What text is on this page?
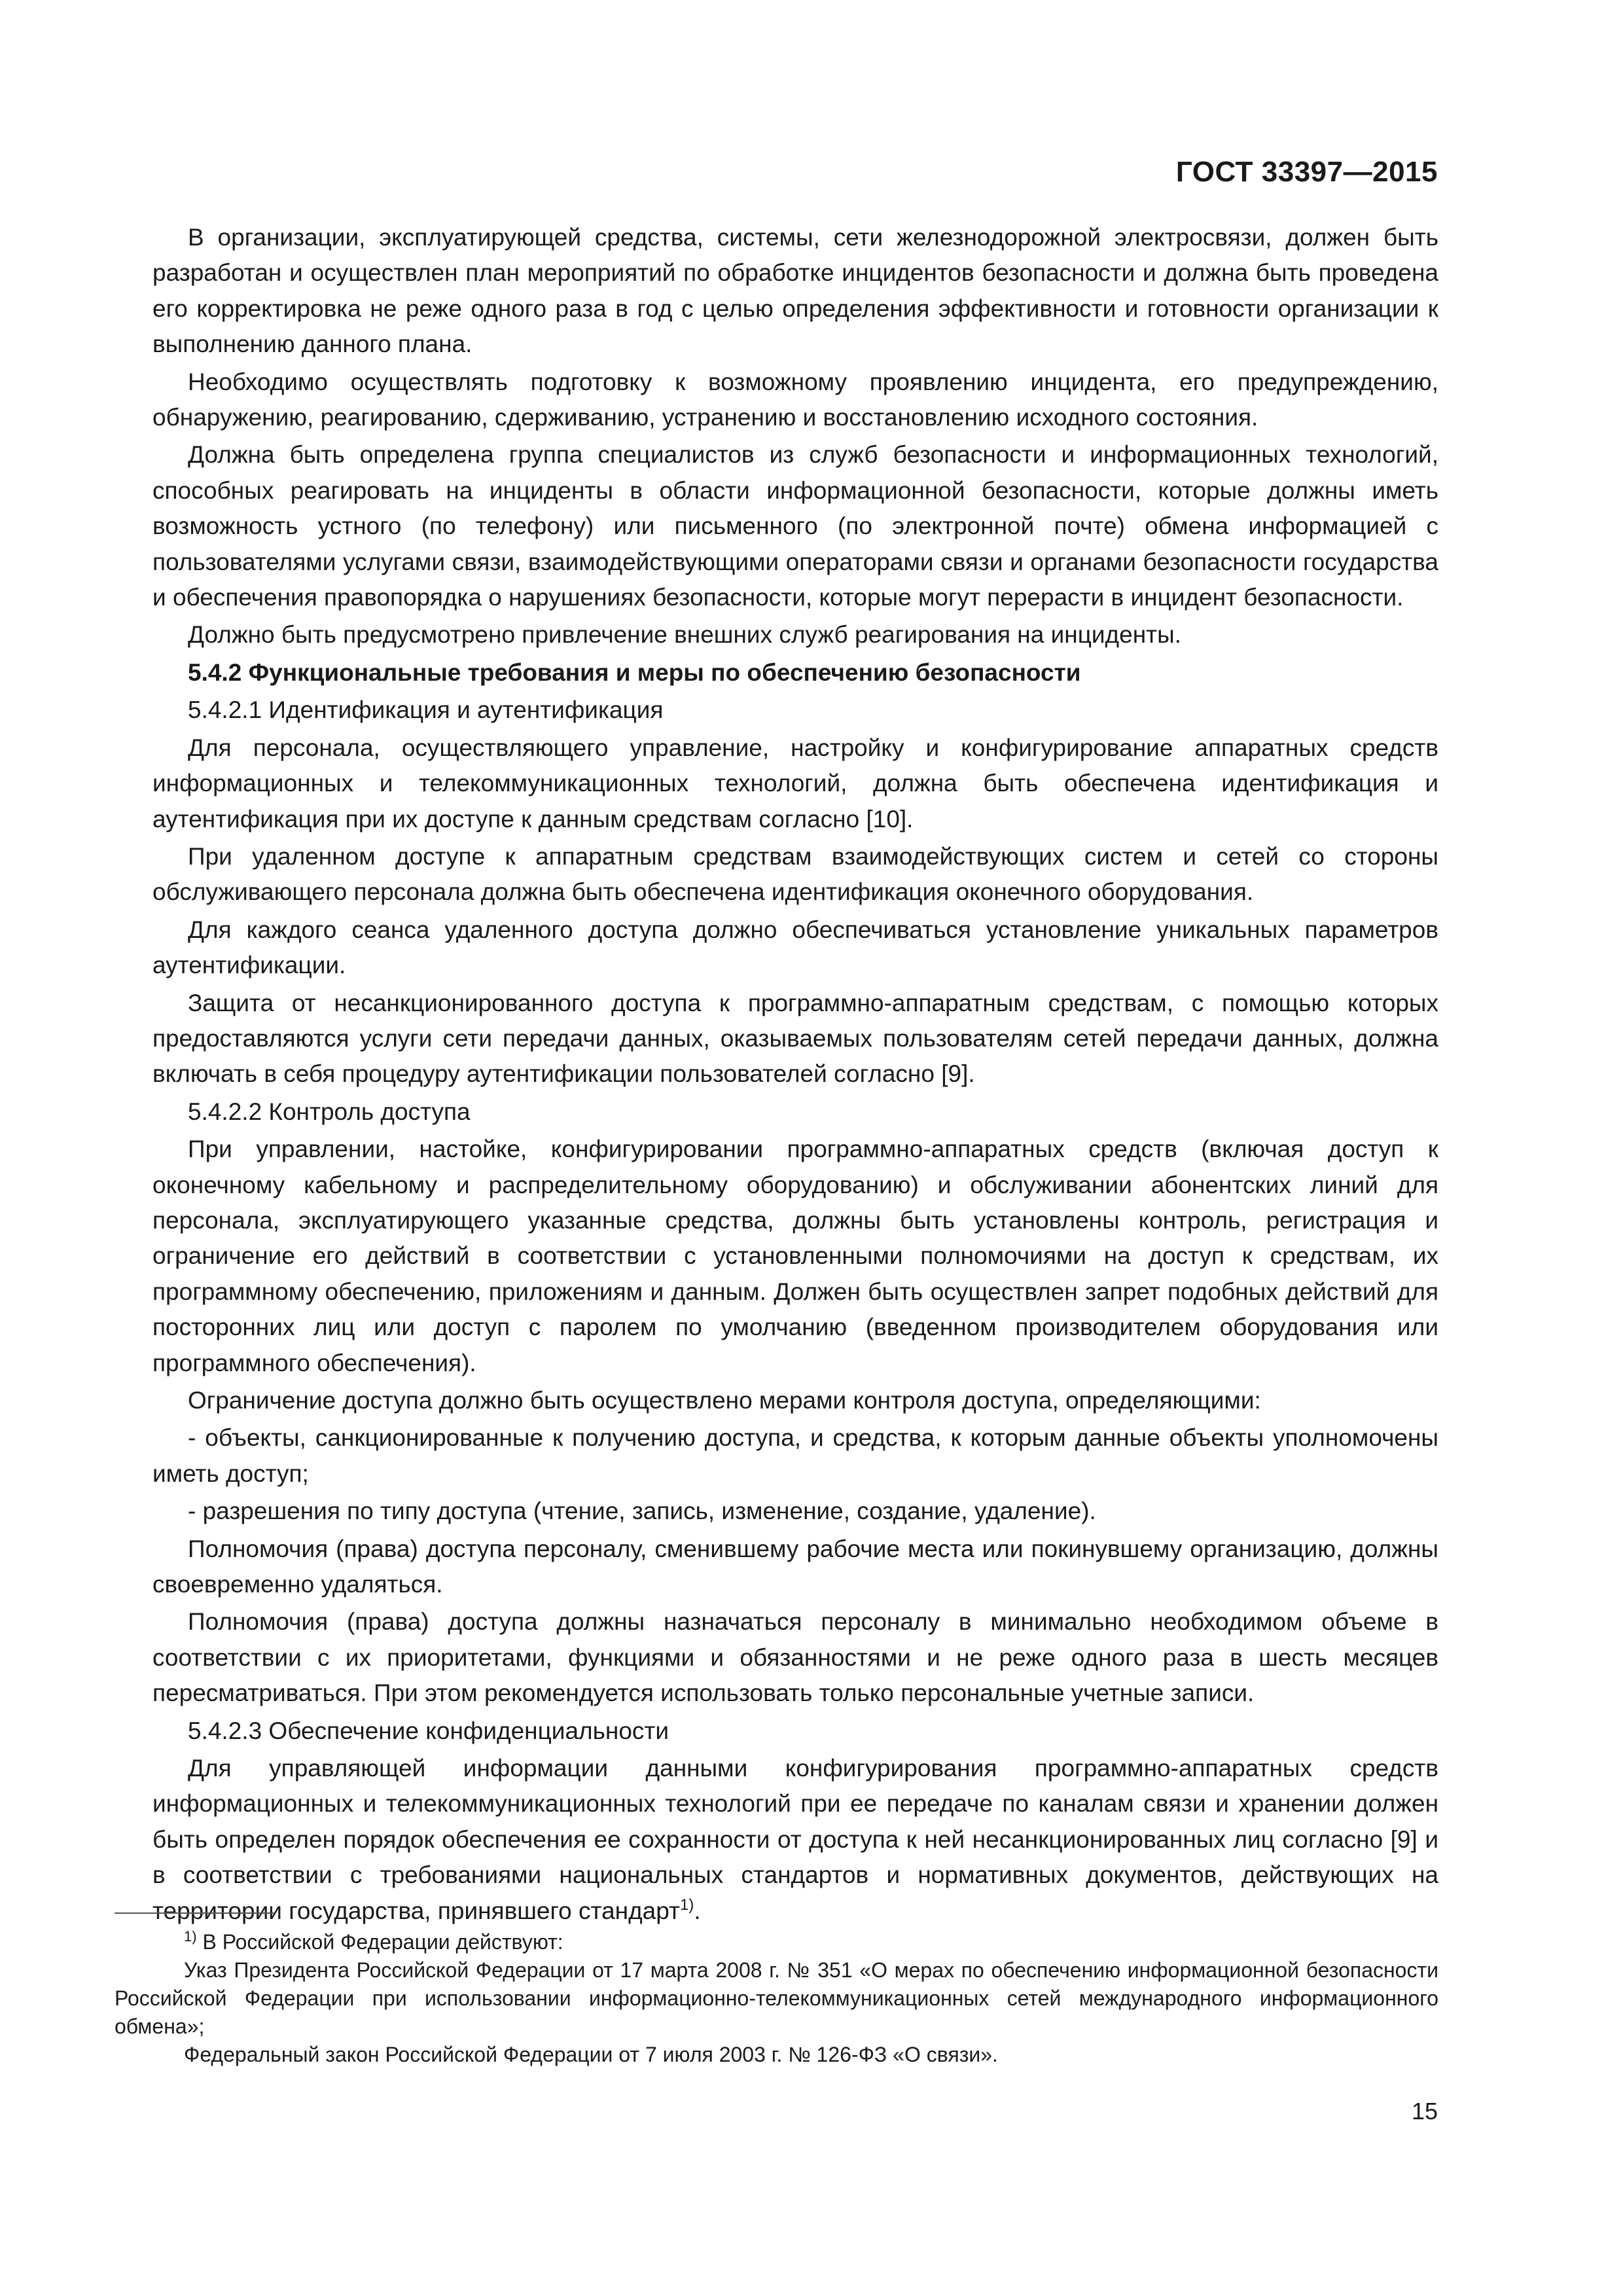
ГОСТ 33397—2015

В организации, эксплуатирующей средства, системы, сети железнодорожной электросвязи, должен быть разработан и осуществлен план мероприятий по обработке инцидентов безопасности и должна быть проведена его корректировка не реже одного раза в год с целью определения эффективности и готовности организации к выполнению данного плана.

Необходимо осуществлять подготовку к возможному проявлению инцидента, его предупреждению, обнаружению, реагированию, сдерживанию, устранению и восстановлению исходного состояния.

Должна быть определена группа специалистов из служб безопасности и информационных технологий, способных реагировать на инциденты в области информационной безопасности, которые должны иметь возможность устного (по телефону) или письменного (по электронной почте) обмена информацией с пользователями услугами связи, взаимодействующими операторами связи и органами безопасности государства и обеспечения правопорядка о нарушениях безопасности, которые могут перерасти в инцидент безопасности.

Должно быть предусмотрено привлечение внешних служб реагирования на инциденты.

5.4.2 Функциональные требования и меры по обеспечению безопасности

5.4.2.1 Идентификация и аутентификация

Для персонала, осуществляющего управление, настройку и конфигурирование аппаратных средств информационных и телекоммуникационных технологий, должна быть обеспечена идентификация и аутентификация при их доступе к данным средствам согласно [10].

При удаленном доступе к аппаратным средствам взаимодействующих систем и сетей со стороны обслуживающего персонала должна быть обеспечена идентификация оконечного оборудования.

Для каждого сеанса удаленного доступа должно обеспечиваться установление уникальных параметров аутентификации.

Защита от несанкционированного доступа к программно-аппаратным средствам, с помощью которых предоставляются услуги сети передачи данных, оказываемых пользователям сетей передачи данных, должна включать в себя процедуру аутентификации пользователей согласно [9].

5.4.2.2 Контроль доступа

При управлении, настойке, конфигурировании программно-аппаратных средств (включая доступ к оконечному кабельному и распределительному оборудованию) и обслуживании абонентских линий для персонала, эксплуатирующего указанные средства, должны быть установлены контроль, регистрация и ограничение его действий в соответствии с установленными полномочиями на доступ к средствам, их программному обеспечению, приложениям и данным. Должен быть осуществлен запрет подобных действий для посторонних лиц или доступ с паролем по умолчанию (введенном производителем оборудования или программного обеспечения).

Ограничение доступа должно быть осуществлено мерами контроля доступа, определяющими:

- объекты, санкционированные к получению доступа, и средства, к которым данные объекты уполномочены иметь доступ;

- разрешения по типу доступа (чтение, запись, изменение, создание, удаление).

Полномочия (права) доступа персоналу, сменившему рабочие места или покинувшему организацию, должны своевременно удаляться.

Полномочия (права) доступа должны назначаться персоналу в минимально необходимом объеме в соответствии с их приоритетами, функциями и обязанностями и не реже одного раза в шесть месяцев пересматриваться. При этом рекомендуется использовать только персональные учетные записи.

5.4.2.3 Обеспечение конфиденциальности

Для управляющей информации данными конфигурирования программно-аппаратных средств информационных и телекоммуникационных технологий при ее передаче по каналам связи и хранении должен быть определен порядок обеспечения ее сохранности от доступа к ней несанкционированных лиц согласно [9] и в соответствии с требованиями национальных стандартов и нормативных документов, действующих на территории государства, принявшего стандарт$^{1)}$.

$^{1)}$ В Российской Федерации действуют:

Указ Президента Российской Федерации от 17 марта 2008 г. № 351 «О мерах по обеспечению информационной безопасности Российской Федерации при использовании информационно-телекоммуникационных сетей международного информационного обмена»;

Федеральный закон Российской Федерации от 7 июля 2003 г. № 126-ФЗ «О связи».

15
